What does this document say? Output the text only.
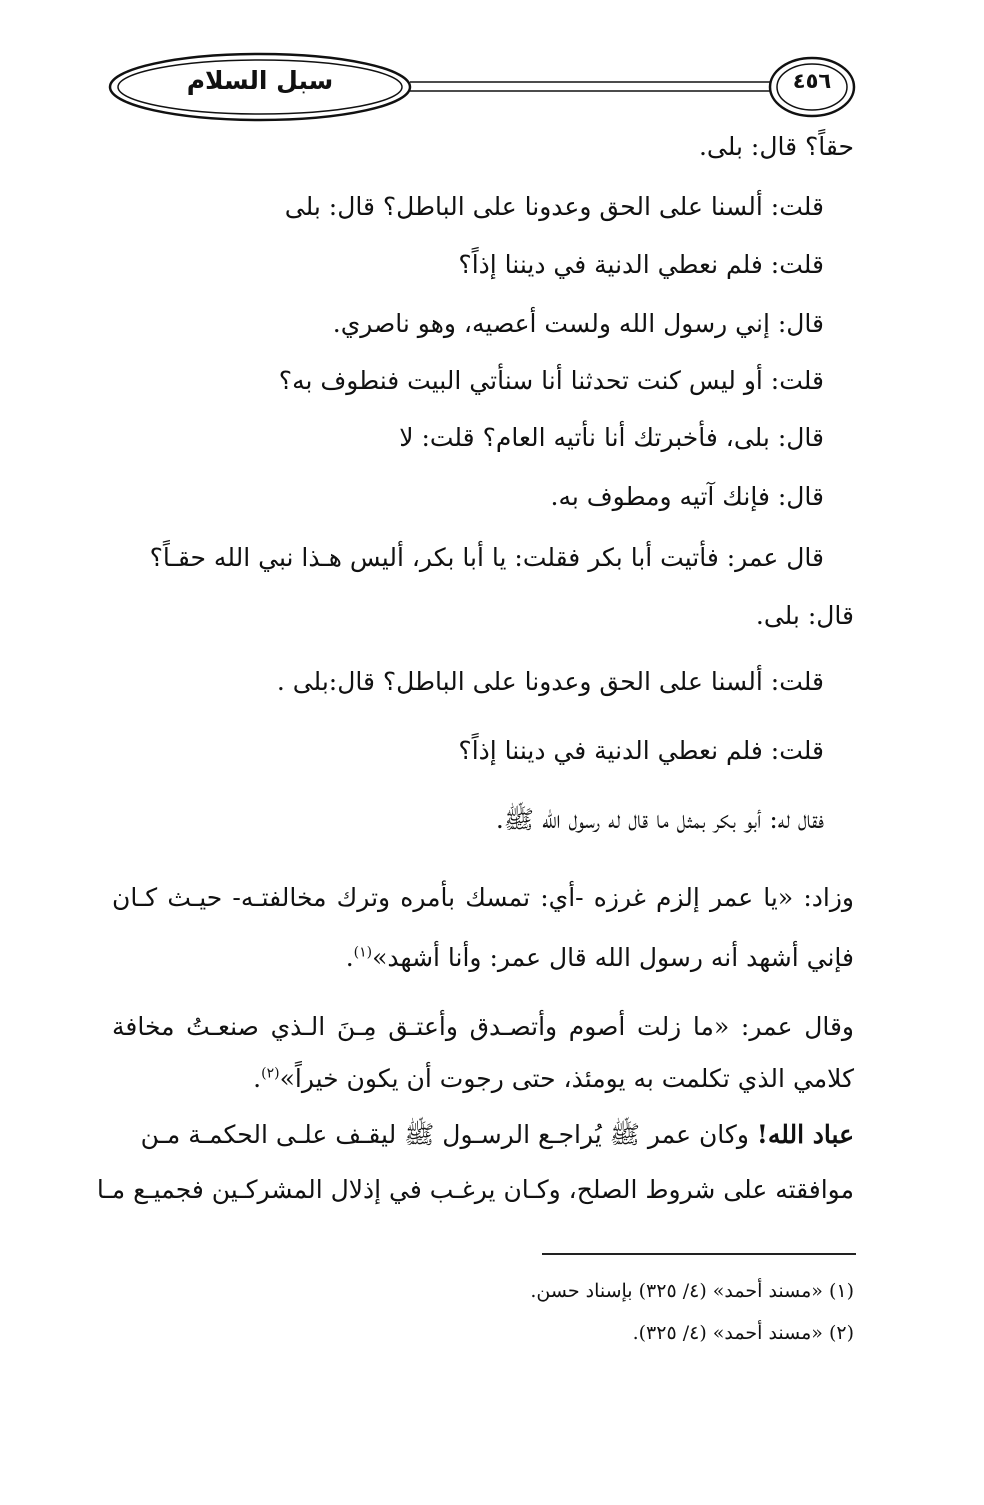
سبل السلام	٤٥٦
حقاً؟ قال: بلى.
قلت: ألسنا على الحق وعدونا على الباطل؟ قال: بلى
قلت: فلم نعطي الدنية في ديننا إذاً؟
قال: إني رسول الله ولست أعصيه، وهو ناصري.
قلت: أو ليس كنت تحدثنا أنا سنأتي البيت فنطوف به؟
قال: بلى، فأخبرتك أنا نأتيه العام؟ قلت: لا
قال: فإنك آتيه ومطوف به.
قال عمر: فأتيت أبا بكر فقلت: يا أبا بكر، أليس هـذا نبي الله حقـاً؟
قال: بلى.
قلت: ألسنا على الحق وعدونا على الباطل؟ قال:بلى .
قلت: فلم نعطي الدنية في ديننا إذاً؟
فقال له: أبو بكر بمثل ما قال له رسول الله ﷺ.
وزاد: «يا عمر إلزم غرزه -أي: تمسك بأمره وترك مخالفتـه- حيـث كـان
فإني أشهد أنه رسول الله قال عمر: وأنا أشهد»$^{(١)}$.
وقال عمر: «ما زلت أصوم وأتصـدق وأعتـق مِـنَ الـذي صنعـتُ مخافة
كلامي الذي تكلمت به يومئذ، حتى رجوت أن يكون خيراً»$^{(٢)}$.
عباد الله! وكان عمر ﷺ يُراجـع الرسـول ﷺ ليقـف علـى الحكمـة مـن
موافقته على شروط الصلح، وكـان يرغـب في إذلال المشركـين فجميـع مـا
(١) «مسند أحمد» (٤/ ٣٢٥) بإسناد حسن.
(٢) «مسند أحمد» (٤/ ٣٢٥).
